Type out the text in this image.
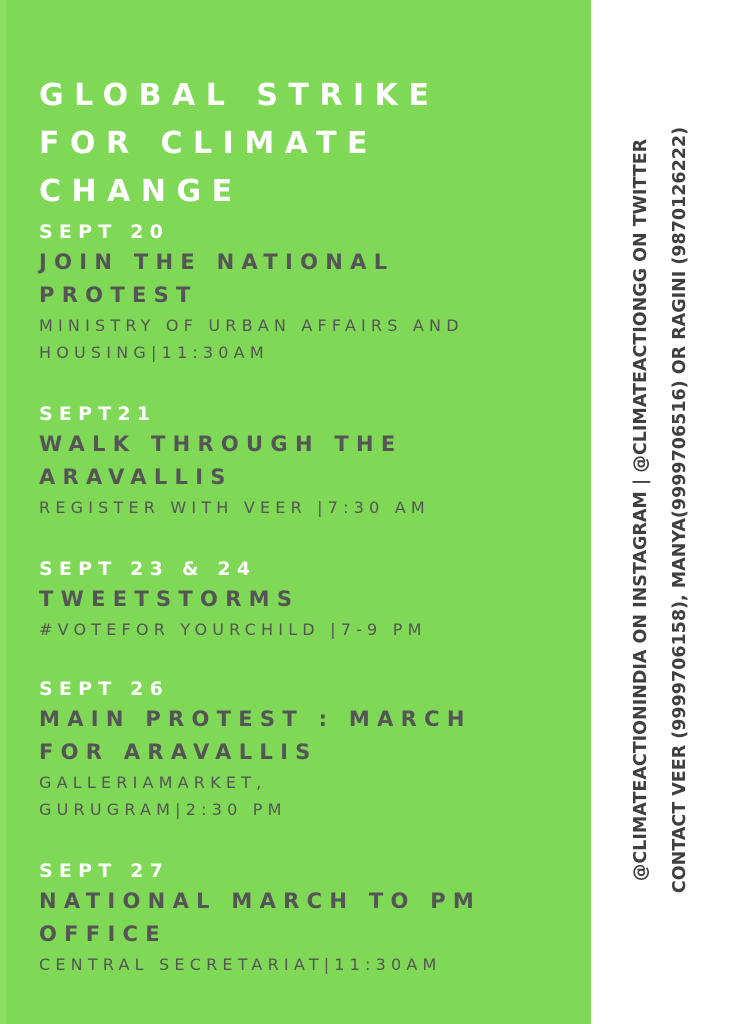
GLOBAL STRIKE
FOR CLIMATE
CHANGE
SEPT 20
JOIN THE NATIONAL
PROTEST
MINISTRY OF URBAN AFFAIRS AND
HOUSING|11:30AM
SEPT21
WALK THROUGH THE
ARAVALLIS
REGISTER WITH VEER |7:30 AM
SEPT 23 & 24
TWEETSTORMS
#VOTEFOR YOURCHILD |7-9 PM
SEPT 26
MAIN PROTEST : MARCH
FOR ARAVALLIS
GALLERIAMARKET,
GURUGRAM|2:30 PM
SEPT 27
NATIONAL MARCH TO PM
OFFICE
CENTRAL SECRETARIAT|11:30AM
@CLIMATEACTIONINDIA ON INSTAGRAM | @CLIMATEACTIONGG ON TWITTER	CONTACT VEER (9999706158), MANYA(9999706516) OR RAGINI (9870126222)
